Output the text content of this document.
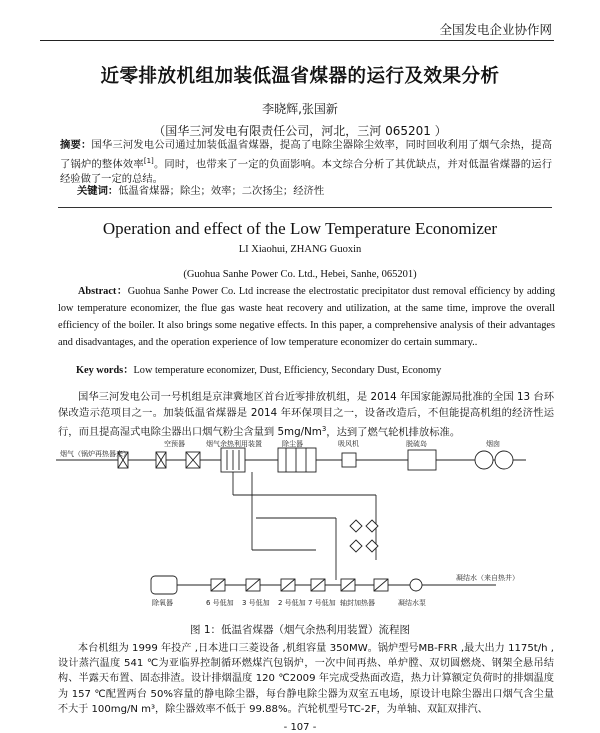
全国发电企业协作网
近零排放机组加装低温省煤器的运行及效果分析
李晓辉,张国新
（国华三河发电有限责任公司，河北，三河 065201 ）
摘要：国华三河发电公司通过加装低温省煤器，提高了电除尘器除尘效率，同时回收利用了烟气余热，提高了锅炉的整体效率[1]。同时，也带来了一定的负面影响。本文综合分析了其优缺点，并对低温省煤器的运行经验做了一定的总结。
关键词：低温省煤器；除尘；效率；二次扬尘；经济性
Operation and effect of the Low Temperature Economizer
LI Xiaohui, ZHANG Guoxin
(Guohua Sanhe Power Co. Ltd., Hebei, Sanhe, 065201)
Abstract：Guohua Sanhe Power Co. Ltd increase the electrostatic precipitator dust removal efficiency by adding low temperature economizer, the flue gas waste heat recovery and utilization, at the same time, improve the overall efficiency of the boiler. It also brings some negative effects. In this paper, a comprehensive analysis of their advantages and disadvantages, and the operation experience of low temperature economizer do certain summary..
Key words：Low temperature economizer, Dust, Efficiency, Secondary Dust, Economy
国华三河发电公司一号机组是京津冀地区首台近零排放机组，是 2014 年国家能源局批准的全国 13 台环保改造示范项目之一。加装低温省煤器是 2014 年环保项目之一，设备改造后，不但能提高机组的经济性运行，而且提高湿式电除尘器出口烟气粉尘含量到 5mg/Nm$^3$，达到了燃气轮机排放标准。
烟气（锅炉再热器来）
空预器	烟气余热利用装置	除尘器	吸风机	脱硫岛	烟囱
除氧器	6 号低加 3 号低加 2 号低加 7 号低加 轴封加热器	凝结水泵
凝结水（来自热井）
图 1：低温省煤器（烟气余热利用装置）流程图
本台机组为 1999 年投产 ,日本进口三菱设备 ,机组容量 350MW。锅炉型号MB-FRR ,最大出力 1175t/h ,设计蒸汽温度 541 ℃为亚临界控制循环燃煤汽包锅炉，一次中间再热、单炉膛、双切圆燃烧、钢架全悬吊结构、半露天布置、固态排渣。设计排烟温度 120 ℃2009 年完成受热面改造，热力计算额定负荷时的排烟温度为 157 ℃配置两台 50%容量的静电除尘器，每台静电除尘器为双室五电场，原设计电除尘器出口烟气含尘量不大于 100mg/N m³，除尘器效率不低于 99.88%。汽轮机型号TC-2F，为单轴、双缸双排汽、
- 107 -
